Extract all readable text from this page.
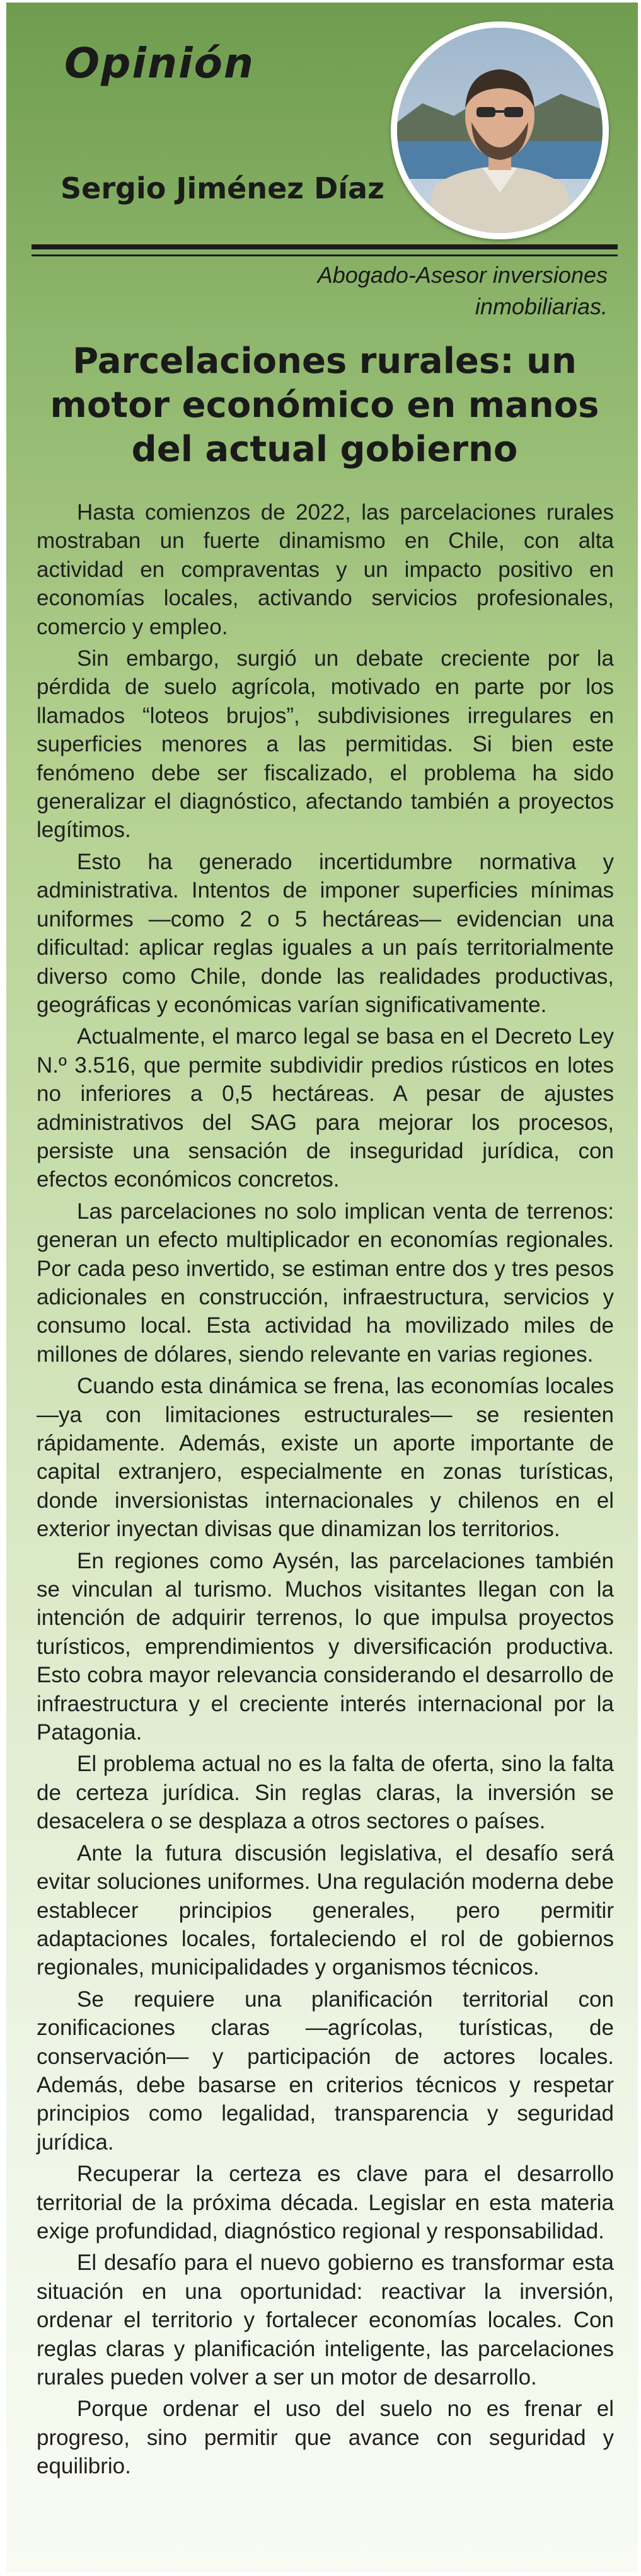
Opinión
Sergio Jiménez Díaz
Abogado-Asesor inversiones inmobiliarias.
Parcelaciones rurales: un motor económico en manos del actual gobierno

Hasta comienzos de 2022, las parcelaciones rurales mostraban un fuerte dinamismo en Chile, con alta actividad en compraventas y un impacto positivo en economías locales, activando servicios profesionales, comercio y empleo.

Sin embargo, surgió un debate creciente por la pérdida de suelo agrícola, motivado en parte por los llamados “loteos brujos”, subdivisiones irregulares en superficies menores a las permitidas. Si bien este fenómeno debe ser fiscalizado, el problema ha sido generalizar el diagnóstico, afectando también a proyectos legítimos.

Esto ha generado incertidumbre normativa y administrativa. Intentos de imponer superficies mínimas uniformes —como 2 o 5 hectáreas— evidencian una dificultad: aplicar reglas iguales a un país territorialmente diverso como Chile, donde las realidades productivas, geográficas y económicas varían significativamente.

Actualmente, el marco legal se basa en el Decreto Ley N.º 3.516, que permite subdividir predios rústicos en lotes no inferiores a 0,5 hectáreas. A pesar de ajustes administrativos del SAG para mejorar los procesos, persiste una sensación de inseguridad jurídica, con efectos económicos concretos.

Las parcelaciones no solo implican venta de terrenos: generan un efecto multiplicador en economías regionales. Por cada peso invertido, se estiman entre dos y tres pesos adicionales en construcción, infraestructura, servicios y consumo local. Esta actividad ha movilizado miles de millones de dólares, siendo relevante en varias regiones.

Cuando esta dinámica se frena, las economías locales —ya con limitaciones estructurales— se resienten rápidamente. Además, existe un aporte importante de capital extranjero, especialmente en zonas turísticas, donde inversionistas internacionales y chilenos en el exterior inyectan divisas que dinamizan los territorios.

En regiones como Aysén, las parcelaciones también se vinculan al turismo. Muchos visitantes llegan con la intención de adquirir terrenos, lo que impulsa proyectos turísticos, emprendimientos y diversificación productiva. Esto cobra mayor relevancia considerando el desarrollo de infraestructura y el creciente interés internacional por la Patagonia.

El problema actual no es la falta de oferta, sino la falta de certeza jurídica. Sin reglas claras, la inversión se desacelera o se desplaza a otros sectores o países.

Ante la futura discusión legislativa, el desafío será evitar soluciones uniformes. Una regulación moderna debe establecer principios generales, pero permitir adaptaciones locales, fortaleciendo el rol de gobiernos regionales, municipalidades y organismos técnicos.

Se requiere una planificación territorial con zonificaciones claras —agrícolas, turísticas, de conservación— y participación de actores locales. Además, debe basarse en criterios técnicos y respetar principios como legalidad, transparencia y seguridad jurídica.

Recuperar la certeza es clave para el desarrollo territorial de la próxima década. Legislar en esta materia exige profundidad, diagnóstico regional y responsabilidad.

El desafío para el nuevo gobierno es transformar esta situación en una oportunidad: reactivar la inversión, ordenar el territorio y fortalecer economías locales. Con reglas claras y planificación inteligente, las parcelaciones rurales pueden volver a ser un motor de desarrollo.

Porque ordenar el uso del suelo no es frenar el progreso, sino permitir que avance con seguridad y equilibrio.
